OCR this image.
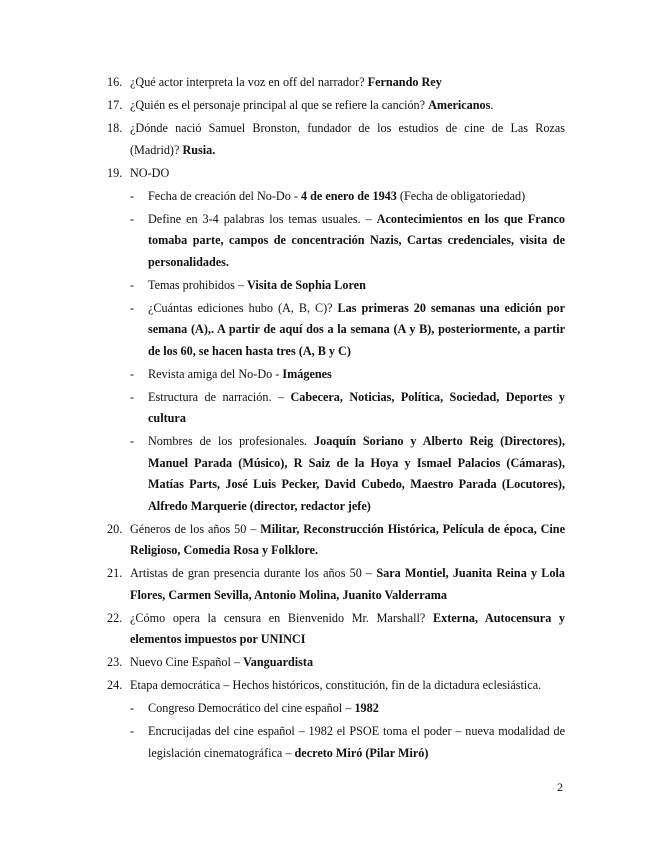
16. ¿Qué actor interpreta la voz en off del narrador? Fernando Rey
17. ¿Quién es el personaje principal al que se refiere la canción? Americanos.
18. ¿Dónde nació Samuel Bronston, fundador de los estudios de cine de Las Rozas (Madrid)? Rusia.
19. NO-DO
- Fecha de creación del No-Do - 4 de enero de 1943 (Fecha de obligatoriedad)
- Define en 3-4 palabras los temas usuales. – Acontecimientos en los que Franco tomaba parte, campos de concentración Nazis, Cartas credenciales, visita de personalidades.
- Temas prohibidos – Visita de Sophia Loren
- ¿Cuántas ediciones hubo (A, B, C)? Las primeras 20 semanas una edición por semana (A),. A partir de aquí dos a la semana (A y B), posteriormente, a partir de los 60, se hacen hasta tres (A, B y C)
- Revista amiga del No-Do - Imágenes
- Estructura de narración. – Cabecera, Noticias, Política, Sociedad, Deportes y cultura
- Nombres de los profesionales. Joaquín Soriano y Alberto Reig (Directores), Manuel Parada (Músico), R Saiz de la Hoya y Ismael Palacios (Cámaras), Matías Parts, José Luis Pecker, David Cubedo, Maestro Parada (Locutores), Alfredo Marquerie (director, redactor jefe)
20. Géneros de los años 50 – Militar, Reconstrucción Histórica, Película de época, Cine Religioso, Comedia Rosa y Folklore.
21. Artistas de gran presencia durante los años 50 – Sara Montiel, Juanita Reina y Lola Flores, Carmen Sevilla, Antonio Molina, Juanito Valderrama
22. ¿Cómo opera la censura en Bienvenido Mr. Marshall? Externa, Autocensura y elementos impuestos por UNINCI
23. Nuevo Cine Español – Vanguardista
24. Etapa democrática – Hechos históricos, constitución, fin de la dictadura eclesiástica.
- Congreso Democrático del cine español – 1982
- Encrucijadas del cine español – 1982 el PSOE toma el poder – nueva modalidad de legislación cinematográfica – decreto Miró (Pilar Miró)
2
